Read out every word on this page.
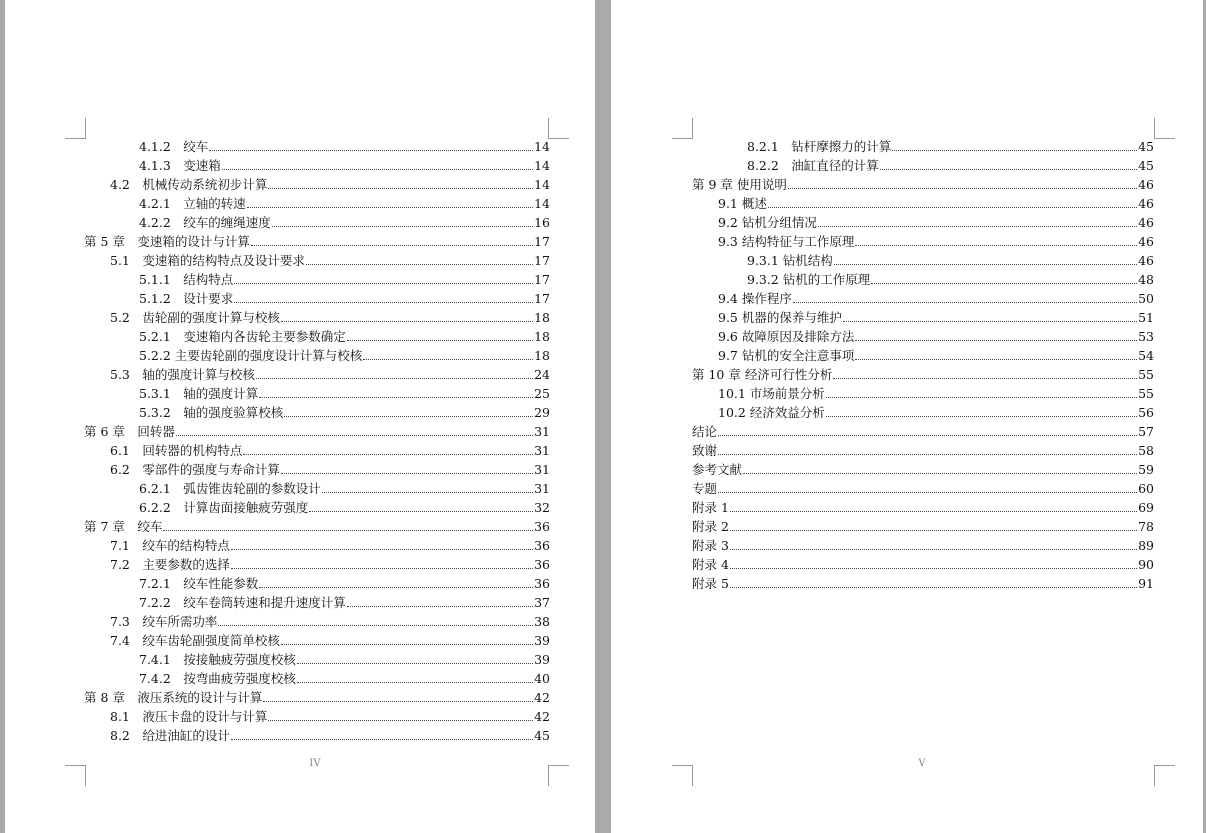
4.1.2　绞车	14
4.1.3　变速箱	14
4.2　机械传动系统初步计算	14
4.2.1　立轴的转速	14
4.2.2　绞车的缠绳速度	16
第 5 章　变速箱的设计与计算	17
5.1　变速箱的结构特点及设计要求	17
5.1.1　结构特点	17
5.1.2　设计要求	17
5.2　齿轮副的强度计算与校核	18
5.2.1　变速箱内各齿轮主要参数确定	18
5.2.2 主要齿轮副的强度设计计算与校核	18
5.3　轴的强度计算与校核	24
5.3.1　轴的强度计算	25
5.3.2　轴的强度验算校核	29
第 6 章　回转器	31
6.1　回转器的机构特点	31
6.2　零部件的强度与寿命计算	31
6.2.1　弧齿锥齿轮副的参数设计	31
6.2.2　计算齿面接触疲劳强度	32
第 7 章　绞车	36
7.1　绞车的结构特点	36
7.2　主要参数的选择	36
7.2.1　绞车性能参数	36
7.2.2　绞车卷筒转速和提升速度计算	37
7.3　绞车所需功率	38
7.4　绞车齿轮副强度简单校核	39
7.4.1　按接触疲劳强度校核	39
7.4.2　按弯曲疲劳强度校核	40
第 8 章　液压系统的设计与计算	42
8.1　液压卡盘的设计与计算	42
8.2　给进油缸的设计	45
IV
8.2.1　钻杆摩擦力的计算	45
8.2.2　油缸直径的计算	45
第 9 章 使用说明	46
9.1 概述	46
9.2 钻机分组情况	46
9.3 结构特征与工作原理	46
9.3.1 钻机结构	46
9.3.2 钻机的工作原理	48
9.4 操作程序	50
9.5 机器的保养与维护	51
9.6 故障原因及排除方法	53
9.7 钻机的安全注意事项	54
第 10 章 经济可行性分析	55
10.1 市场前景分析	55
10.2 经济效益分析	56
结论	57
致谢	58
参考文献	59
专题	60
附录 1	69
附录 2	78
附录 3	89
附录 4	90
附录 5	91
V
